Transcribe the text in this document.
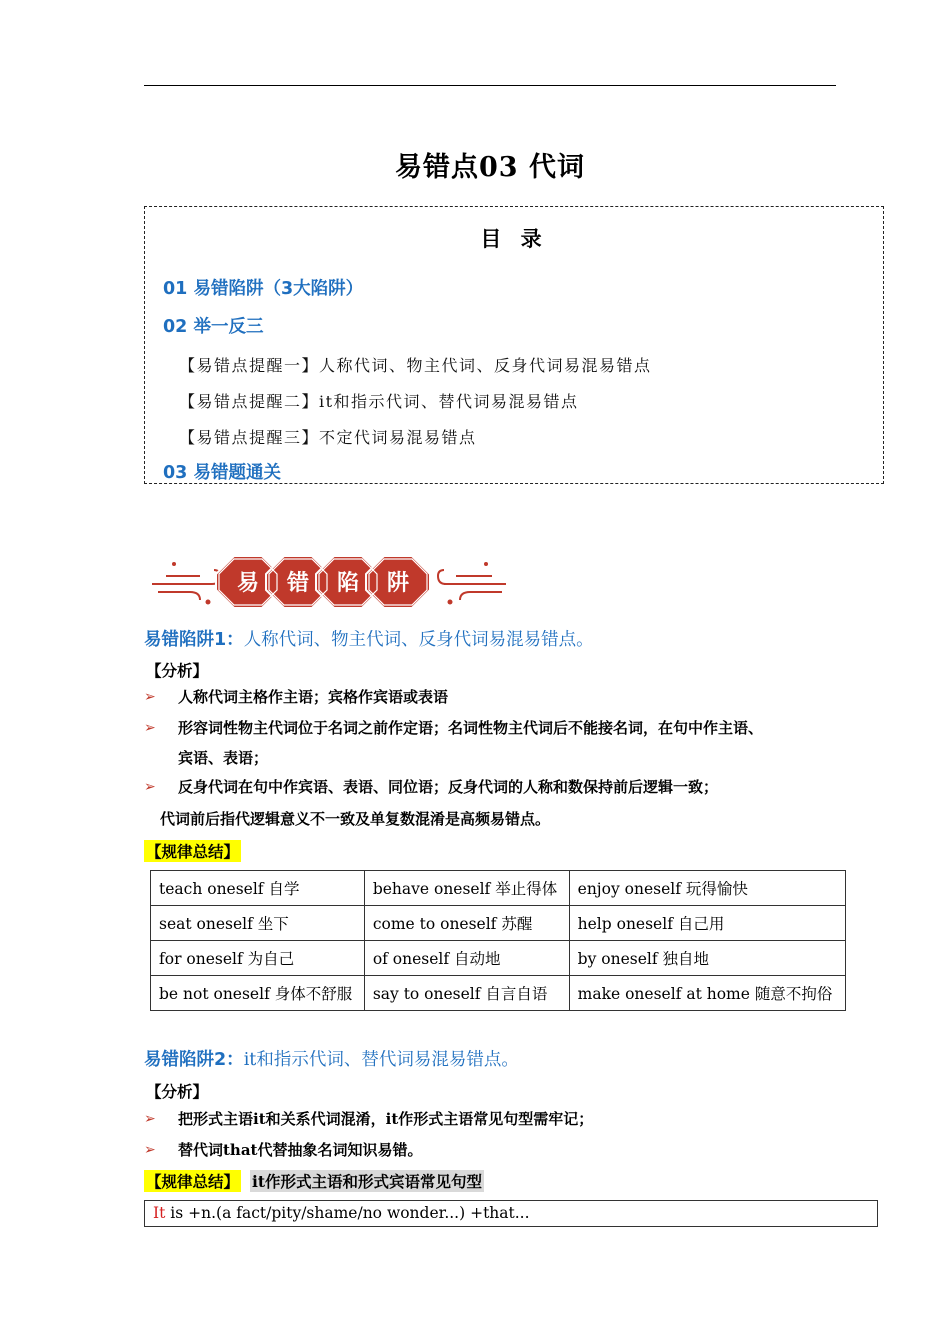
易错点03 代词
目 录
01 易错陷阱（3大陷阱）
02 举一反三
【易错点提醒一】人称代词、物主代词、反身代词易混易错点
【易错点提醒二】it和指示代词、替代词易混易错点
【易错点提醒三】不定代词易混易错点
03 易错题通关
易 错 陷 阱
易错陷阱1：人称代词、物主代词、反身代词易混易错点。
【分析】
➢ 人称代词主格作主语；宾格作宾语或表语
➢ 形容词性物主代词位于名词之前作定语；名词性物主代词后不能接名词，在句中作主语、
宾语、表语；
➢ 反身代词在句中作宾语、表语、同位语；反身代词的人称和数保持前后逻辑一致；
代词前后指代逻辑意义不一致及单复数混淆是高频易错点。
【规律总结】
teach oneself 自学	behave oneself 举止得体	enjoy oneself 玩得愉快
seat oneself 坐下	come to oneself 苏醒	help oneself 自己用
for oneself 为自己	of oneself 自动地	by oneself 独自地
be not oneself 身体不舒服	say to oneself 自言自语	make oneself at home 随意不拘俗
易错陷阱2：it和指示代词、替代词易混易错点。
【分析】
➢ 把形式主语it和关系代词混淆，it作形式主语常见句型需牢记；
➢ 替代词that代替抽象名词知识易错。
【规律总结】 it作形式主语和形式宾语常见句型
It is +n.(a fact/pity/shame/no wonder...) +that...
